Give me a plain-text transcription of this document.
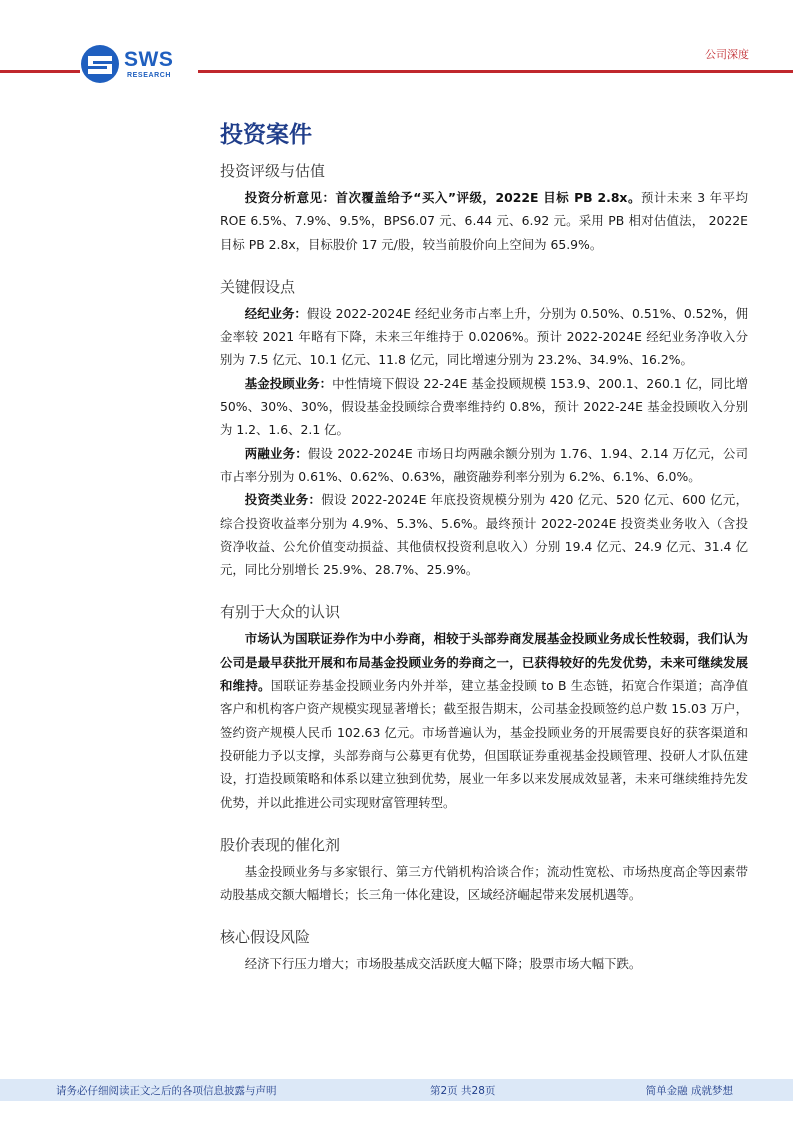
SWS
RESEARCH
公司深度
投资案件
投资评级与估值

投资分析意见：首次覆盖给予“买入”评级，2022E 目标 PB 2.8x。预计未来 3 年平均 ROE 6.5%、7.9%、9.5%，BPS6.07 元、6.44 元、6.92 元。采用 PB 相对估值法， 2022E 目标 PB 2.8x，目标股价 17 元/股，较当前股价向上空间为 65.9%。

关键假设点

经纪业务：假设 2022-2024E 经纪业务市占率上升，分别为 0.50%、0.51%、0.52%，佣金率较 2021 年略有下降，未来三年维持于 0.0206%。预计 2022-2024E 经纪业务净收入分别为 7.5 亿元、10.1 亿元、11.8 亿元，同比增速分别为 23.2%、34.9%、16.2%。

基金投顾业务：中性情境下假设 22-24E 基金投顾规模 153.9、200.1、260.1 亿，同比增 50%、30%、30%，假设基金投顾综合费率维持约 0.8%，预计 2022-24E 基金投顾收入分别为 1.2、1.6、2.1 亿。

两融业务：假设 2022-2024E 市场日均两融余额分别为 1.76、1.94、2.14 万亿元，公司市占率分别为 0.61%、0.62%、0.63%，融资融券利率分别为 6.2%、6.1%、6.0%。

投资类业务：假设 2022-2024E 年底投资规模分别为 420 亿元、520 亿元、600 亿元，综合投资收益率分别为 4.9%、5.3%、5.6%。最终预计 2022-2024E 投资类业务收入（含投资净收益、公允价值变动损益、其他债权投资利息收入）分别 19.4 亿元、24.9 亿元、31.4 亿元，同比分别增长 25.9%、28.7%、25.9%。

有别于大众的认识

市场认为国联证券作为中小券商，相较于头部券商发展基金投顾业务成长性较弱，我们认为公司是最早获批开展和布局基金投顾业务的券商之一，已获得较好的先发优势，未来可继续发展和维持。国联证券基金投顾业务内外并举，建立基金投顾 to B 生态链，拓宽合作渠道；高净值客户和机构客户资产规模实现显著增长；截至报告期末，公司基金投顾签约总户数 15.03 万户，签约资产规模人民币 102.63 亿元。市场普遍认为，基金投顾业务的开展需要良好的获客渠道和投研能力予以支撑，头部券商与公募更有优势，但国联证券重视基金投顾管理、投研人才队伍建设，打造投顾策略和体系以建立独到优势，展业一年多以来发展成效显著，未来可继续维持先发优势，并以此推进公司实现财富管理转型。

股价表现的催化剂

基金投顾业务与多家银行、第三方代销机构洽谈合作；流动性宽松、市场热度高企等因素带动股基成交额大幅增长；长三角一体化建设，区域经济崛起带来发展机遇等。

核心假设风险

经济下行压力增大；市场股基成交活跃度大幅下降；股票市场大幅下跌。

请务必仔细阅读正文之后的各项信息披露与声明	第2页 共28页	简单金融 成就梦想
